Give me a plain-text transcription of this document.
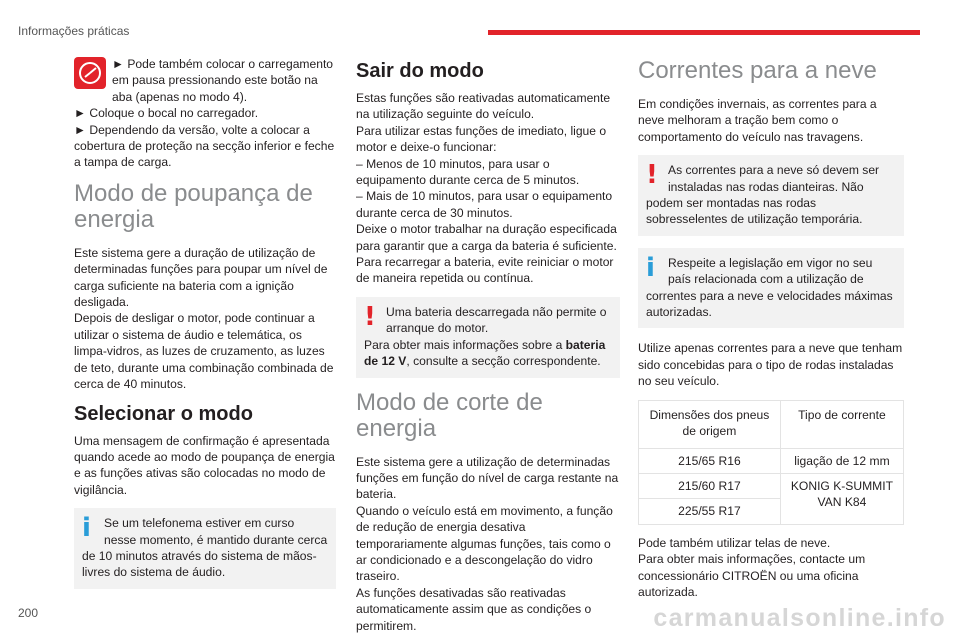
Informações práticas

► Pode também colocar o carregamento em pausa pressionando este botão na aba (apenas no modo 4).

► Coloque o bocal no carregador.

► Dependendo da versão, volte a colocar a cobertura de proteção na secção inferior e feche a tampa de carga.

Modo de poupança de energia

Este sistema gere a duração de utilização de determinadas funções para poupar um nível de carga suficiente na bateria com a ignição desligada.

Depois de desligar o motor, pode continuar a utilizar o sistema de áudio e telemática, os limpa-vidros, as luzes de cruzamento, as luzes de teto, durante uma combinação combinada de cerca de 40 minutos.

Selecionar o modo

Uma mensagem de confirmação é apresentada quando acede ao modo de poupança de energia e as funções ativas são colocadas no modo de vigilância.

i	Se um telefonema estiver em curso nesse momento, é mantido durante cerca de 10 minutos através do sistema de mãos-livres do sistema de áudio.
Sair do modo

Estas funções são reativadas automaticamente na utilização seguinte do veículo.

Para utilizar estas funções de imediato, ligue o motor e deixe-o funcionar:

– Menos de 10 minutos, para usar o equipamento durante cerca de 5 minutos.

– Mais de 10 minutos, para usar o equipamento durante cerca de 30 minutos.

Deixe o motor trabalhar na duração especificada para garantir que a carga da bateria é suficiente.

Para recarregar a bateria, evite reiniciar o motor de maneira repetida ou contínua.

! Uma bateria descarregada não permite o arranque do motor.
Para obter mais informações sobre a bateria de 12 V, consulte a secção correspondente.
Modo de corte de energia

Este sistema gere a utilização de determinadas funções em função do nível de carga restante na bateria.

Quando o veículo está em movimento, a função de redução de energia desativa temporariamente algumas funções, tais como o ar condicionado e a descongelação do vidro traseiro.

As funções desativadas são reativadas automaticamente assim que as condições o permitirem.

Correntes para a neve

Em condições invernais, as correntes para a neve melhoram a tração bem como o comportamento do veículo nas travagens.

! As correntes para a neve só devem ser instaladas nas rodas dianteiras. Não podem ser montadas nas rodas sobresselentes de utilização temporária.
i	Respeite a legislação em vigor no seu país relacionada com a utilização de correntes para a neve e velocidades máximas autorizadas.

Utilize apenas correntes para a neve que tenham sido concebidas para o tipo de rodas instaladas no seu veículo.

Dimensões dos pneus de origem	Tipo de corrente
215/65 R16	ligação de 12 mm
215/60 R17	KONIG K-SUMMIT VAN K84
225/55 R17	

Pode também utilizar telas de neve.

Para obter mais informações, contacte um concessionário CITROËN ou uma oficina autorizada.

200	carmanualsonline.info
